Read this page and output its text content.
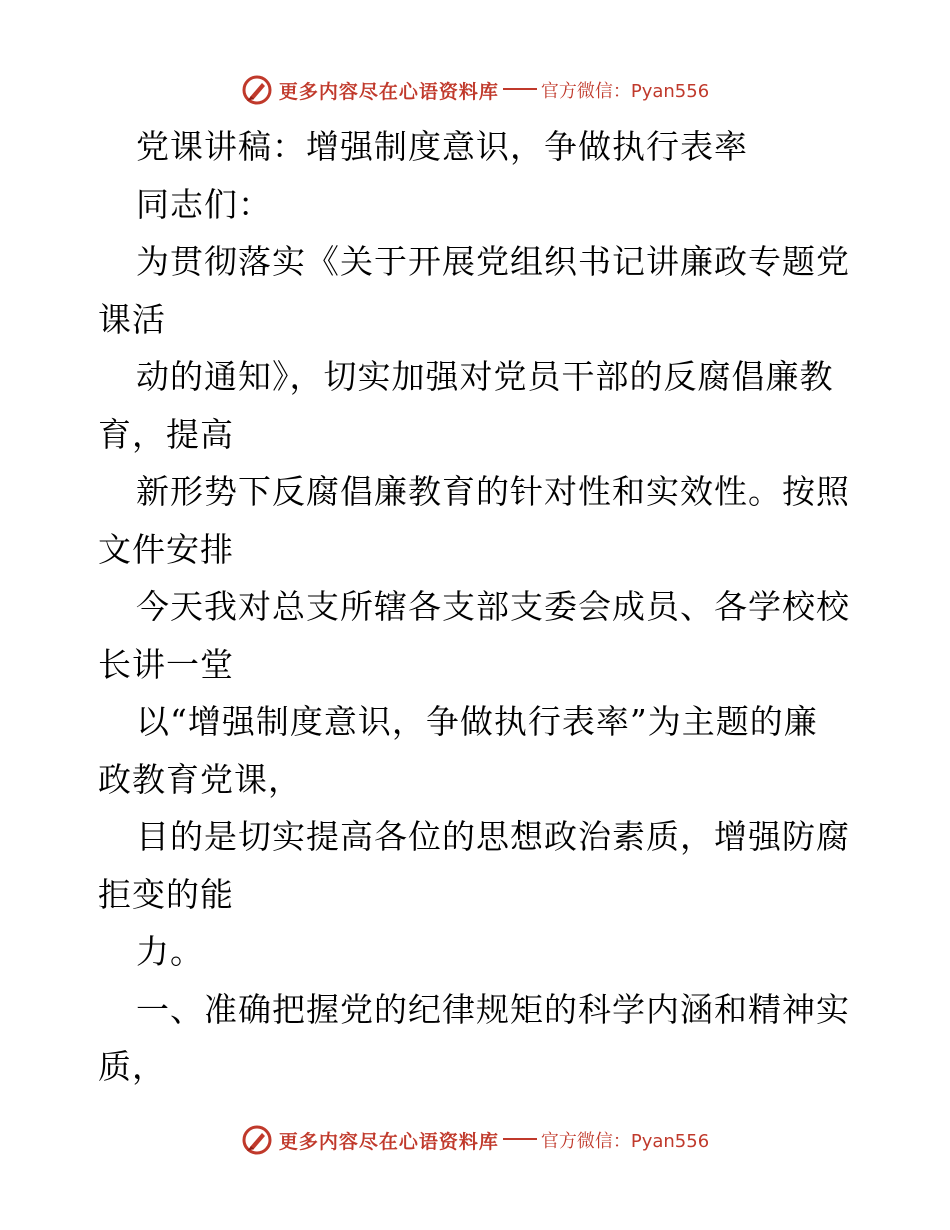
更多内容尽在心语资料库 官方微信：Pyan556
党课讲稿：增强制度意识，争做执行表率
同志们：
为贯彻落实《关于开展党组织书记讲廉政专题党
课活
动的通知》，切实加强对党员干部的反腐倡廉教
育，提高
新形势下反腐倡廉教育的针对性和实效性。按照
文件安排
今天我对总支所辖各支部支委会成员、各学校校
长讲一堂
以“增强制度意识，争做执行表率”为主题的廉
政教育党课，
目的是切实提高各位的思想政治素质，增强防腐
拒变的能
力。
一、准确把握党的纪律规矩的科学内涵和精神实
质，
更多内容尽在心语资料库 官方微信：Pyan556
